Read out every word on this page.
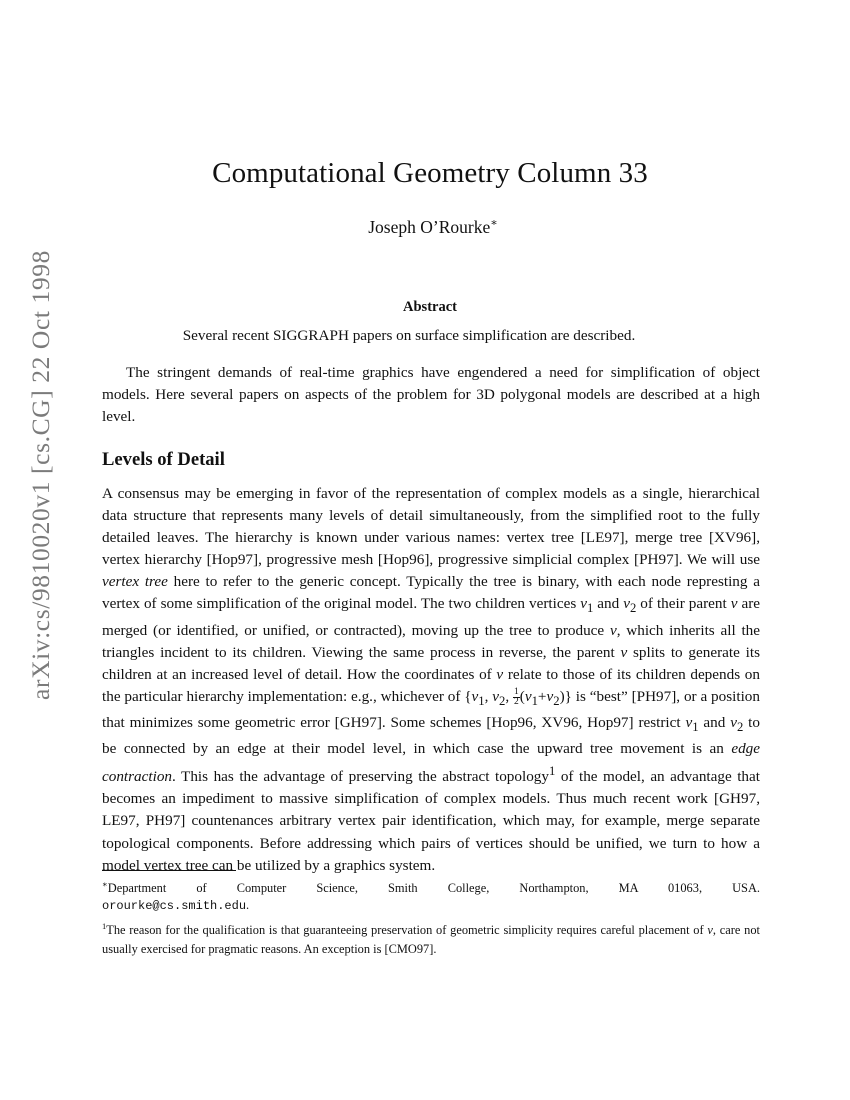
arXiv:cs/9810020v1 [cs.CG] 22 Oct 1998
Computational Geometry Column 33
Joseph O’Rourke∗
Abstract
Several recent SIGGRAPH papers on surface simplification are described.

The stringent demands of real-time graphics have engendered a need for simplification of object models. Here several papers on aspects of the problem for 3D polygonal models are described at a high level.

Levels of Detail

A consensus may be emerging in favor of the representation of complex models as a single, hierarchical data structure that represents many levels of detail simultaneously, from the simplified root to the fully detailed leaves. The hierarchy is known under various names: vertex tree [LE97], merge tree [XV96], vertex hierarchy [Hop97], progressive mesh [Hop96], progressive simplicial complex [PH97]. We will use vertex tree here to refer to the generic concept. Typically the tree is binary, with each node represting a vertex of some simplification of the original model. The two children vertices $v_1$ and $v_2$ of their parent v are merged (or identified, or unified, or contracted), moving up the tree to produce v, which inherits all the triangles incident to its children. Viewing the same process in reverse, the parent v splits to generate its children at an increased level of detail. How the coordinates of v relate to those of its children depends on the particular hierarchy implementation: e.g., whichever of {$v_1$, $v_2$, $\frac{1}{2} (v_1+v_2)$} is “best” [PH97], or a position that minimizes some geometric error [GH97]. Some schemes [Hop96, XV96, Hop97] restrict $v_1$ and $v_2$ to be connected by an edge at their model level, in which case the upward tree movement is an edge contraction. This has the advantage of preserving the abstract topology$^1$ of the model, an advantage that becomes an impediment to massive simplification of complex models. Thus much recent work [GH97, LE97, PH97] countenances arbitrary vertex pair identification, which may, for example, merge separate topological components. Before addressing which pairs of vertices should be unified, we turn to how a model vertex tree can be utilized by a graphics system.

∗Department of Computer Science, Smith College, Northampton, MA 01063, USA.
orourke@cs.smith.edu.
$^1$The reason for the qualification is that guaranteeing preservation of geometric simplicity requires careful placement of v, care not usually exercised for pragmatic reasons. An exception is [CMO97].
